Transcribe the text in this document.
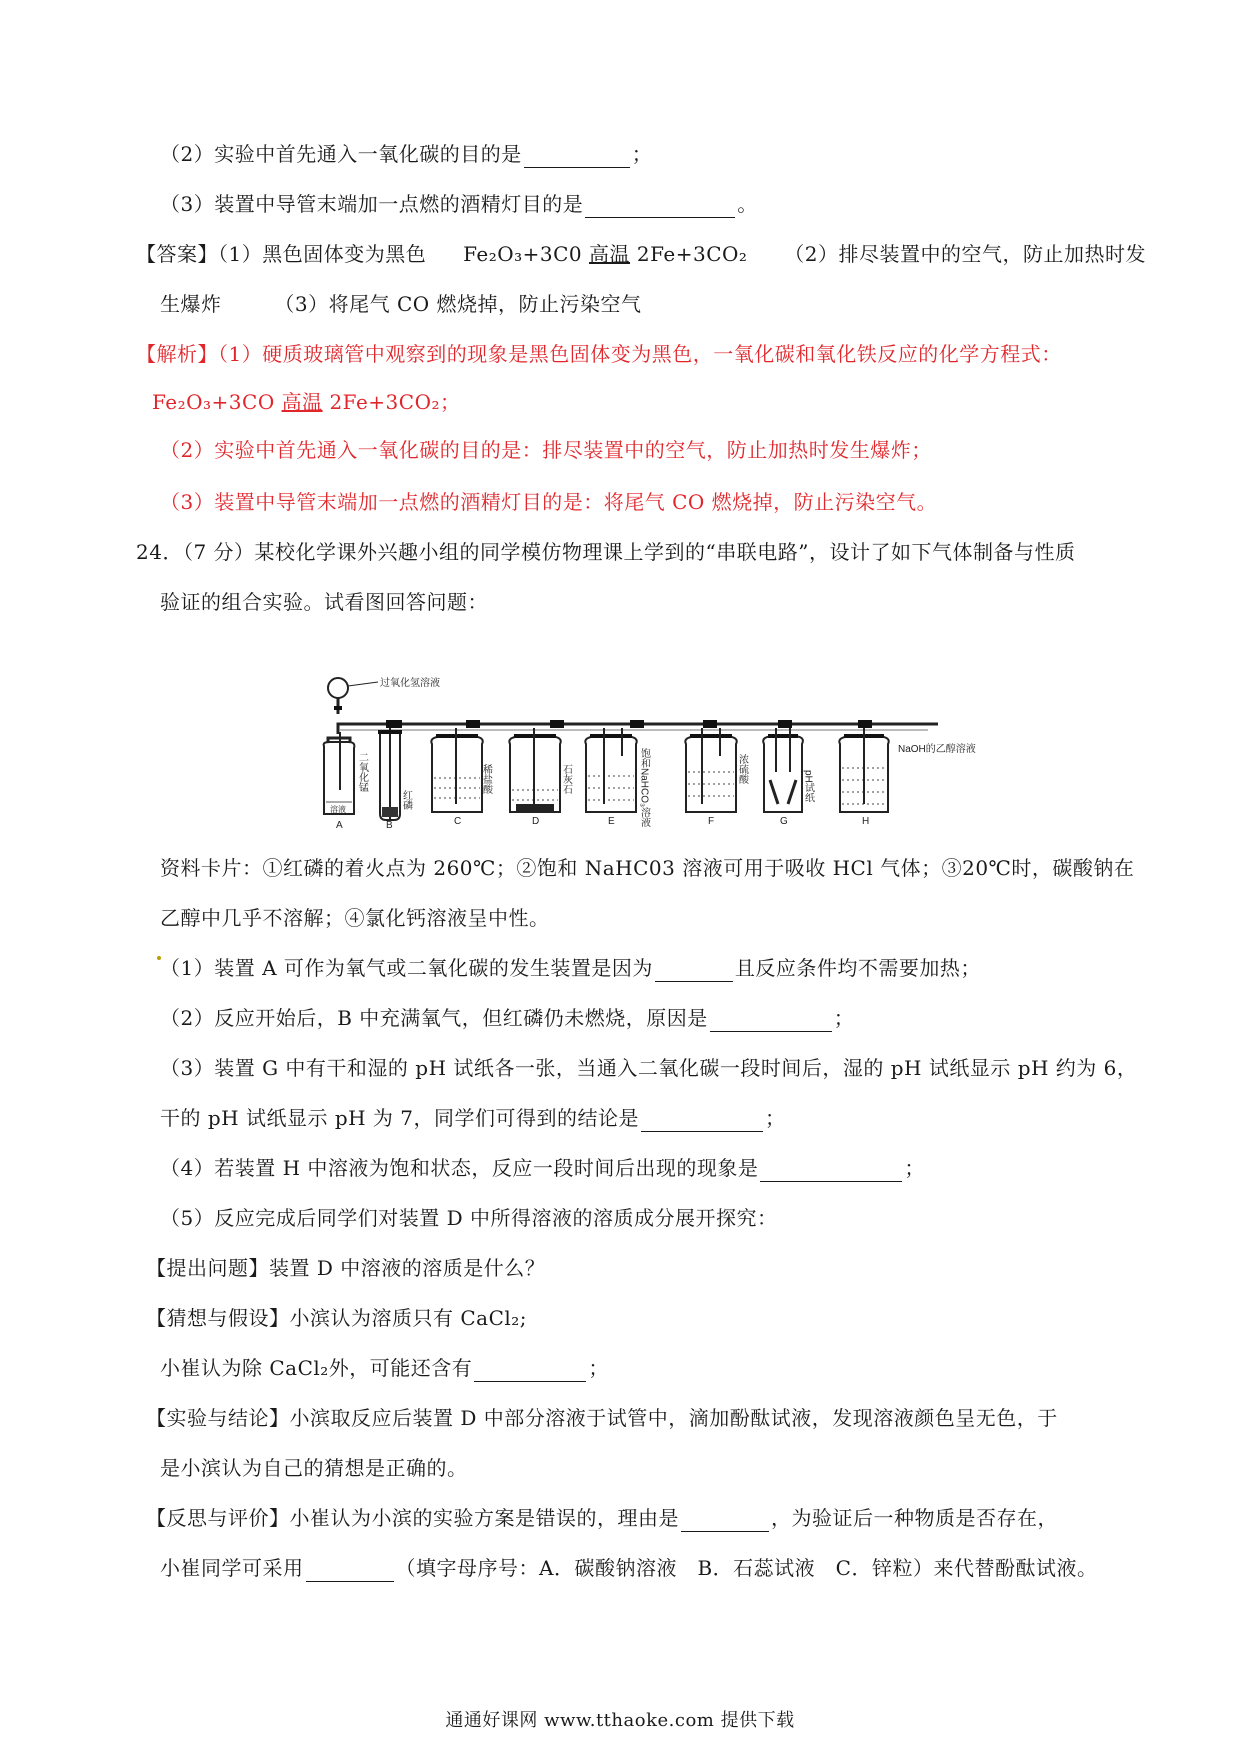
（2）实验中首先通入一氧化碳的目的是	；
（3）装置中导管末端加一点燃的酒精灯目的是	。
【答案】（1）黑色固体变为黑色 Fe₂O₃+3C0 高温 2Fe+3CO₂ （2）排尽装置中的空气，防止加热时发
生爆炸	（3）将尾气 CO 燃烧掉，防止污染空气
【解析】（1）硬质玻璃管中观察到的现象是黑色固体变为黑色，一氧化碳和氧化铁反应的化学方程式：
Fe₂O₃+3CO 高温 2Fe+3CO₂；
（2）实验中首先通入一氧化碳的目的是：排尽装置中的空气，防止加热时发生爆炸；
（3）装置中导管末端加一点燃的酒精灯目的是：将尾气 CO 燃烧掉，防止污染空气。
24．（7 分）某校化学课外兴趣小组的同学模仿物理课上学到的“串联电路”，设计了如下气体制备与性质
验证的组合实验。试看图回答问题：
过氧化氢溶液
二氧化锰
溶液	红磷
稀盐酸	石灰石	饱和NaHCO₃溶液	浓硫酸
pH试纸
NaOH的乙醇溶液
A	B	C	D	E	F	G	H
资料卡片：①红磷的着火点为 260℃；②饱和 NaHC03 溶液可用于吸收 HCl 气体；③20℃时，碳酸钠在
乙醇中几乎不溶解；④氯化钙溶液呈中性。
（1）装置 A 可作为氧气或二氧化碳的发生装置是因为	且反应条件均不需要加热；
（2）反应开始后，B 中充满氧气，但红磷仍未燃烧，原因是	；
（3）装置 G 中有干和湿的 pH 试纸各一张，当通入二氧化碳一段时间后，湿的 pH 试纸显示 pH 约为 6，
干的 pH 试纸显示 pH 为 7，同学们可得到的结论是	；
（4）若装置 H 中溶液为饱和状态，反应一段时间后出现的现象是	；
（5）反应完成后同学们对装置 D 中所得溶液的溶质成分展开探究：
【提出问题】装置 D 中溶液的溶质是什么？
【猜想与假设】小滨认为溶质只有 CaCl₂;
小崔认为除 CaCl₂外，可能还含有	；
【实验与结论】小滨取反应后装置 D 中部分溶液于试管中，滴加酚酞试液，发现溶液颜色呈无色，于
是小滨认为自己的猜想是正确的。
【反思与评价】小崔认为小滨的实验方案是错误的，理由是	，为验证后一种物质是否存在，
小崔同学可采用	（填字母序号：A．碳酸钠溶液　B．石蕊试液　C．锌粒）来代替酚酞试液。
通通好课网 www.tthaoke.com 提供下载
